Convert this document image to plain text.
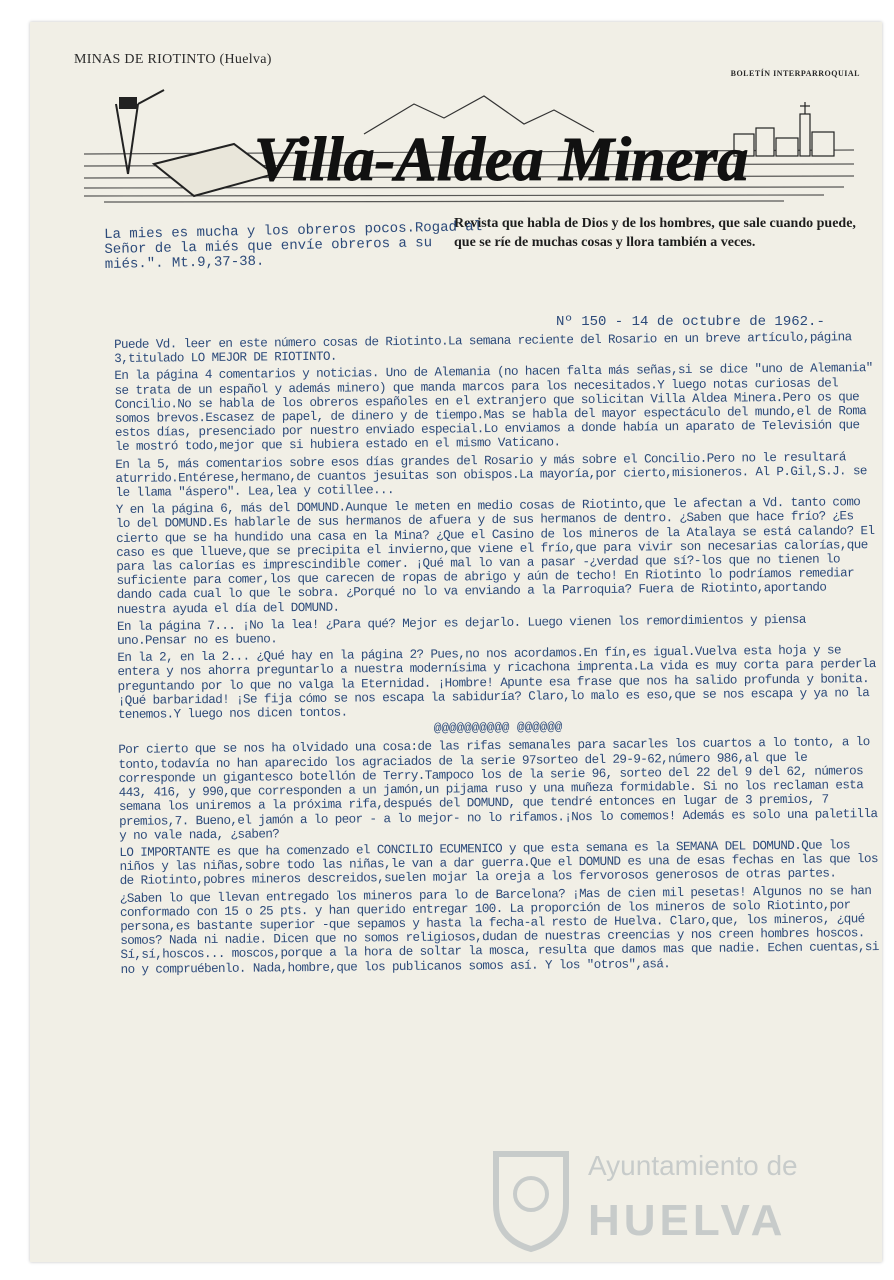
MINAS DE RIOTINTO (Huelva)
BOLETÍN INTERPARROQUIAL
Villa-Aldea Minera
Revista que habla de Dios y de los hombres, que sale cuando puede, que se ríe de muchas cosas y llora también a veces.
La mies es mucha y los obreros pocos.Rogad al Señor de la miés que envíe obreros a su miés.". Mt.9,37-38.
Nº 150 - 14 de octubre de 1962.-

Puede Vd. leer en este número cosas de Riotinto.La semana reciente del Rosario en un breve artículo,página 3,titulado LO MEJOR DE RIOTINTO.

En la página 4 comentarios y noticias. Uno de Alemania (no hacen falta más señas,si se dice "uno de Alemania" se trata de un español y además minero) que manda marcos para los necesitados.Y luego notas curiosas del Concilio.No se habla de los obreros españoles en el extranjero que solicitan Villa Aldea Minera.Pero os que somos brevos.Escasez de papel, de dinero y de tiempo.Mas se habla del mayor espectáculo del mundo,el de Roma estos días, presenciado por nuestro enviado especial.Lo enviamos a donde había un aparato de Televisión que le mostró todo,mejor que si hubiera estado en el mismo Vaticano.

En la 5, más comentarios sobre esos días grandes del Rosario y más sobre el Concilio.Pero no le resultará aturrido.Entérese,hermano,de cuantos jesuitas son obispos.La mayoría,por cierto,misioneros. Al P.Gil,S.J. se le llama "áspero". Lea,lea y cotillee...

Y en la página 6, más del DOMUND.Aunque le meten en medio cosas de Riotinto,que le afectan a Vd. tanto como lo del DOMUND.Es hablarle de sus hermanos de afuera y de sus hermanos de dentro. ¿Saben que hace frío? ¿Es cierto que se ha hundido una casa en la Mina? ¿Que el Casino de los mineros de la Atalaya se está calando? El caso es que llueve,que se precipita el invierno,que viene el frío,que para vivir son necesarias calorías,que para las calorías es imprescindible comer. ¡Qué mal lo van a pasar -¿verdad que sí?-los que no tienen lo suficiente para comer,los que carecen de ropas de abrigo y aún de techo! En Riotinto lo podríamos remediar dando cada cual lo que le sobra. ¿Porqué no lo va enviando a la Parroquia? Fuera de Riotinto,aportando nuestra ayuda el día del DOMUND.

En la página 7... ¡No la lea! ¿Para qué? Mejor es dejarlo. Luego vienen los remordimientos y piensa uno.Pensar no es bueno.

En la 2, en la 2... ¿Qué hay en la página 2? Pues,no nos acordamos.En fín,es igual.Vuelva esta hoja y se entera y nos ahorra preguntarlo a nuestra modernísima y ricachona imprenta.La vida es muy corta para perderla preguntando por lo que no valga la Eternidad. ¡Hombre! Apunte esa frase que nos ha salido profunda y bonita. ¡Qué barbaridad! ¡Se fija cómo se nos escapa la sabiduría? Claro,lo malo es eso,que se nos escapa y ya no la tenemos.Y luego nos dicen tontos.

@@@@@@@@@@ @@@@@@

Por cierto que se nos ha olvidado una cosa:de las rifas semanales para sacarles los cuartos a lo tonto, a lo tonto,todavía no han aparecido los agraciados de la serie 97sorteo del 29-9-62,número 986,al que le corresponde un gigantesco botellón de Terry.Tampoco los de la serie 96, sorteo del 22 del 9 del 62, números 443, 416, y 990,que corresponden a un jamón,un pijama ruso y una muñeza formidable. Si no los reclaman esta semana los uniremos a la próxima rifa,después del DOMUND, que tendré entonces en lugar de 3 premios, 7 premios,7. Bueno,el jamón a lo peor - a lo mejor- no lo rifamos.¡Nos lo comemos! Además es solo una paletilla y no vale nada, ¿saben?

LO IMPORTANTE es que ha comenzado el CONCILIO ECUMENICO y que esta semana es la SEMANA DEL DOMUND.Que los niños y las niñas,sobre todo las niñas,le van a dar guerra.Que el DOMUND es una de esas fechas en las que los de Riotinto,pobres mineros descreidos,suelen mojar la oreja a los fervorosos generosos de otras partes.

¿Saben lo que llevan entregado los mineros para lo de Barcelona? ¡Mas de cien mil pesetas! Algunos no se han conformado con 15 o 25 pts. y han querido entregar 100. La proporción de los mineros de solo Riotinto,por persona,es bastante superior -que sepamos y hasta la fecha-al resto de Huelva. Claro,que, los mineros, ¿qué somos? Nada ni nadie. Dicen que no somos religiosos,dudan de nuestras creencias y nos creen hombres hoscos. Sí,sí,hoscos... moscos,porque a la hora de soltar la mosca, resulta que damos mas que nadie. Echen cuentas,si no y compruébenlo. Nada,hombre,que los publicanos somos así. Y los "otros",asá.

Ayuntamiento de
HUELVA
